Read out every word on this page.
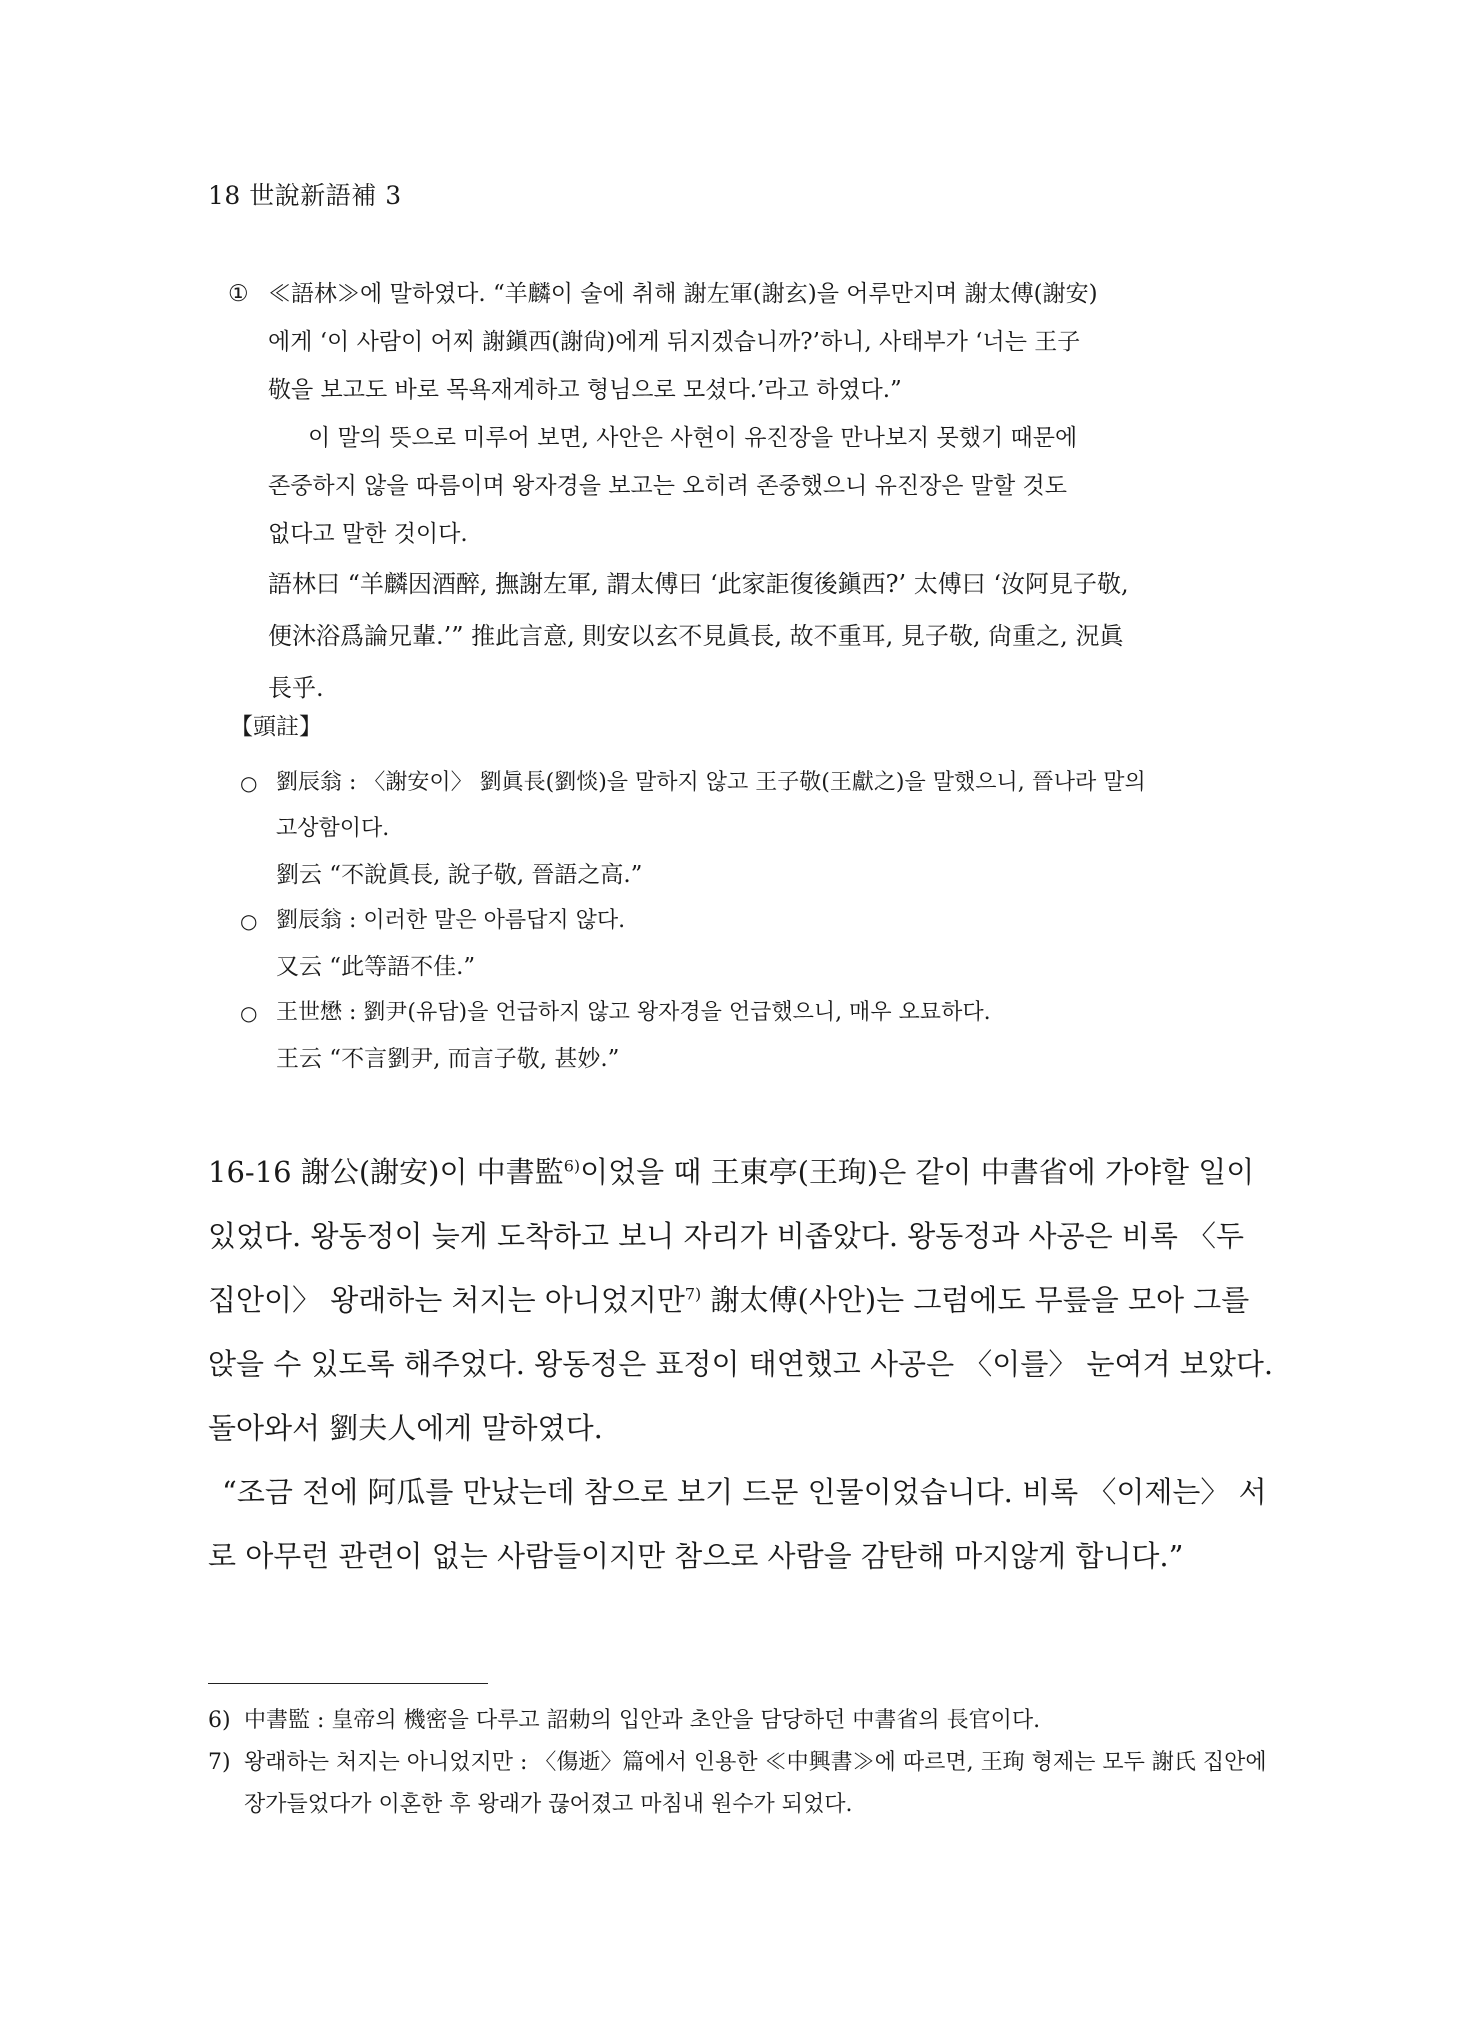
18 世說新語補 3
① ≪語林≫에 말하였다. “羊麟이 술에 취해 謝左軍(謝玄)을 어루만지며 謝太傅(謝安)
에게 ‘이 사람이 어찌 謝鎭西(謝尙)에게 뒤지겠습니까?’하니, 사태부가 ‘너는 王子
敬을 보고도 바로 목욕재계하고 형님으로 모셨다.’라고 하였다.”
이 말의 뜻으로 미루어 보면, 사안은 사현이 유진장을 만나보지 못했기 때문에
존중하지 않을 따름이며 왕자경을 보고는 오히려 존중했으니 유진장은 말할 것도
없다고 말한 것이다.
語林曰 “羊麟因酒醉, 撫謝左軍, 謂太傅曰 ‘此家詎復後鎭西?’ 太傅曰 ‘汝阿見子敬,
便沐浴爲論兄輩.’” 推此言意, 則安以玄不見眞長, 故不重耳, 見子敬, 尙重之, 況眞
長乎.
【頭註】
○ 劉辰翁 : 〈謝安이〉 劉眞長(劉惔)을 말하지 않고 王子敬(王獻之)을 말했으니, 晉나라 말의
고상함이다.
劉云 “不說眞長, 說子敬, 晉語之高.”
○ 劉辰翁 : 이러한 말은 아름답지 않다.
又云 “此等語不佳.”
○ 王世懋 : 劉尹(유담)을 언급하지 않고 왕자경을 언급했으니, 매우 오묘하다.
王云 “不言劉尹, 而言子敬, 甚妙.”

16-16 謝公(謝安)이 中書監$^{6)}$이었을 때 王東亭(王珣)은 같이 中書省에 가야할 일이 있었다. 왕동정이 늦게 도착하고 보니 자리가 비좁았다. 왕동정과 사공은 비록 〈두 집안이〉 왕래하는 처지는 아니었지만$^{7)}$ 謝太傅(사안)는 그럼에도 무릎을 모아 그를 앉을 수 있도록 해주었다. 왕동정은 표정이 태연했고 사공은 〈이를〉 눈여겨 보았다. 돌아와서 劉夫人에게 말하였다.

“조금 전에 阿瓜를 만났는데 참으로 보기 드문 인물이었습니다. 비록 〈이제는〉 서로 아무런 관련이 없는 사람들이지만 참으로 사람을 감탄해 마지않게 합니다.”

6) 中書監 : 皇帝의 機密을 다루고 詔勅의 입안과 초안을 담당하던 中書省의 長官이다.
7) 왕래하는 처지는 아니었지만 : 〈傷逝〉篇에서 인용한 ≪中興書≫에 따르면, 王珣 형제는 모두 謝氏 집안에 장가들었다가 이혼한 후 왕래가 끊어졌고 마침내 원수가 되었다.
